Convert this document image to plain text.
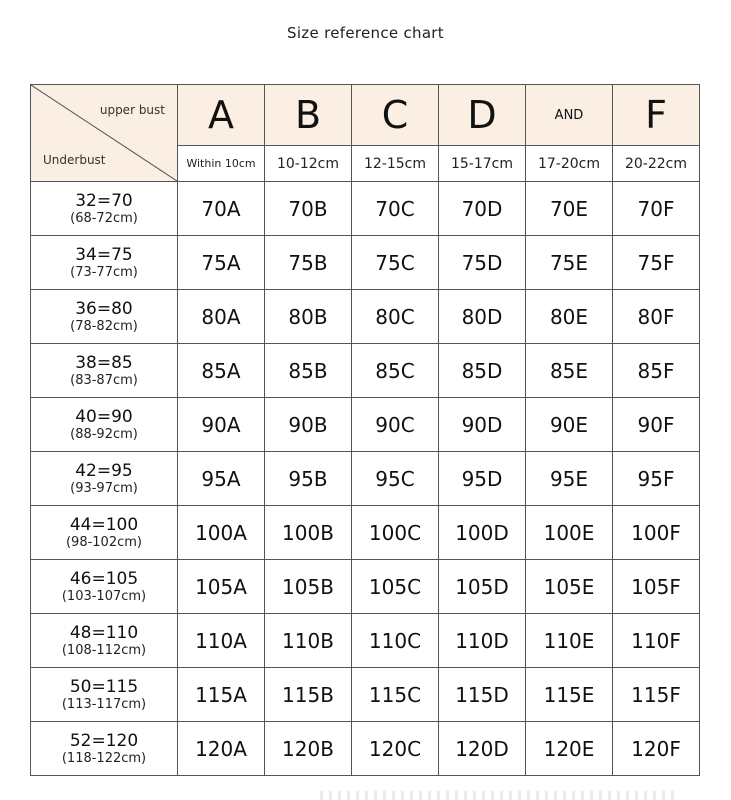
Size reference chart
upper bust
Underbust	A	B	C	D	AND	F
	Within 10cm	10-12cm	12-15cm	15-17cm	17-20cm	20-22cm

32=70
(68-72cm)	70A	70B	70C	70D	70E	70F

34=75
(73-77cm)	75A	75B	75C	75D	75E	75F

36=80
(78-82cm)	80A	80B	80C	80D	80E	80F

38=85
(83-87cm)	85A	85B	85C	85D	85E	85F

40=90
(88-92cm)	90A	90B	90C	90D	90E	90F

42=95
(93-97cm)	95A	95B	95C	95D	95E	95F

44=100
(98-102cm)	100A	100B	100C	100D	100E	100F

46=105
(103-107cm)	105A	105B	105C	105D	105E	105F

48=110
(108-112cm)	110A	110B	110C	110D	110E	110F

50=115
(113-117cm)	115A	115B	115C	115D	115E	115F

52=120
(118-122cm)	120A	120B	120C	120D	120E	120F
